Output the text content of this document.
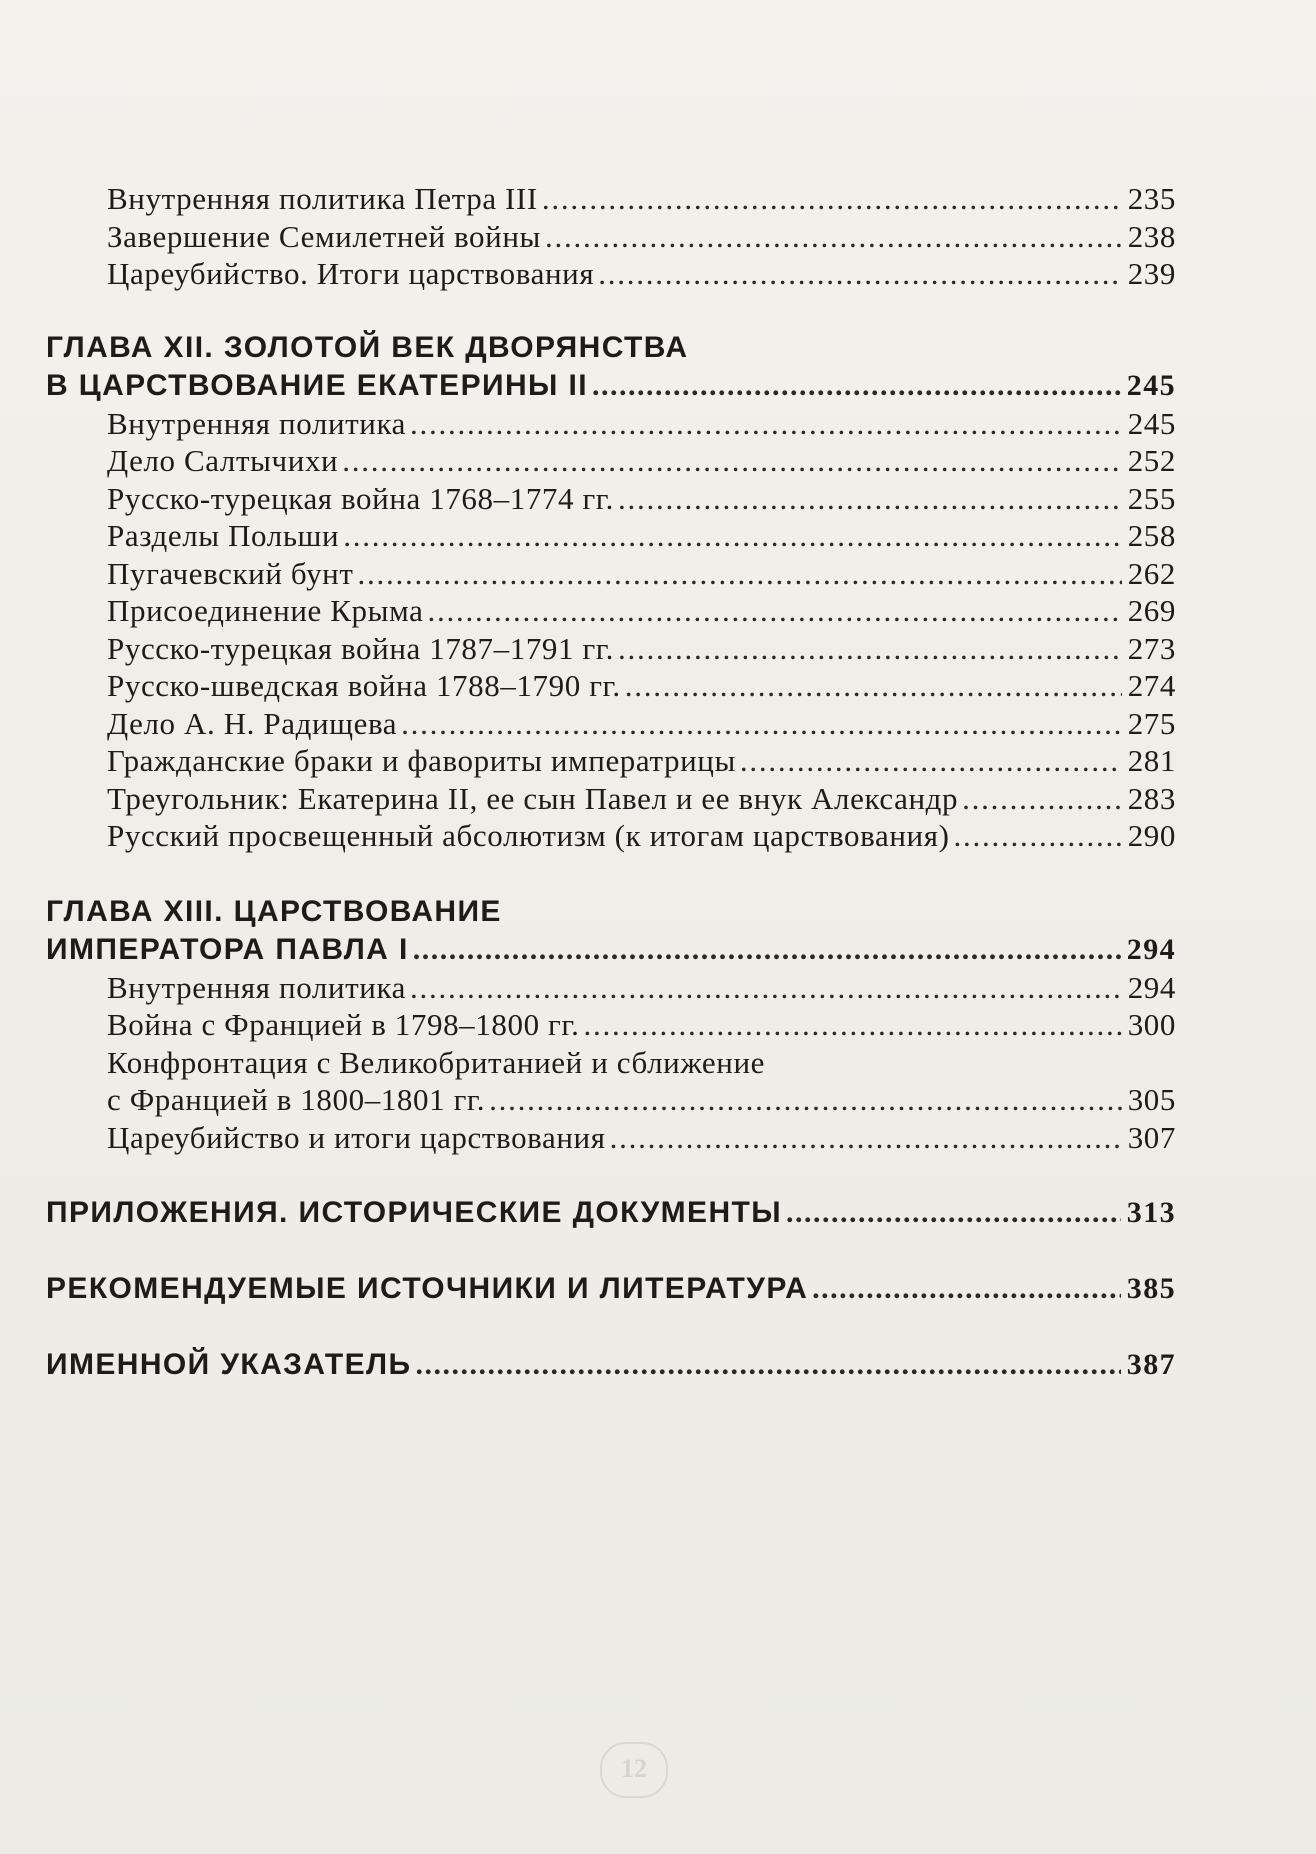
12
Внутренняя политика Петра III . . .	235
Завершение Семилетней войны . . .	238
Цареубийство. Итоги царствования . . .	239
ГЛАВА XII. ЗОЛОТОЙ ВЕК ДВОРЯНСТВА
В ЦАРСТВОВАНИЕ ЕКАТЕРИНЫ II . . .	245
Внутренняя политика . . .	245
Дело Салтычихи . . .	252
Русско-турецкая война 1768–1774 гг. . . .	255
Разделы Польши . . .	258
Пугачевский бунт . . .	262
Присоединение Крыма . . .	269
Русско-турецкая война 1787–1791 гг. . . .	273
Русско-шведская война 1788–1790 гг. . . .	274
Дело А. Н. Радищева . . .	275
Гражданские браки и фавориты императрицы . . .	281
Треугольник: Екатерина II, ее сын Павел и ее внук Александр . . .	283
Русский просвещенный абсолютизм (к итогам царствования) . . .	290
ГЛАВА XIII. ЦАРСТВОВАНИЕ
ИМПЕРАТОРА ПАВЛА I . . .	294
Внутренняя политика . . .	294
Война с Францией в 1798–1800 гг. . . .	300
Конфронтация с Великобританией и сближение
с Францией в 1800–1801 гг. . . .	305
Цареубийство и итоги царствования . . .	307
ПРИЛОЖЕНИЯ. ИСТОРИЧЕСКИЕ ДОКУМЕНТЫ . . .	313
РЕКОМЕНДУЕМЫЕ ИСТОЧНИКИ И ЛИТЕРАТУРА . . .	385
ИМЕННОЙ УКАЗАТЕЛЬ . . .	387
